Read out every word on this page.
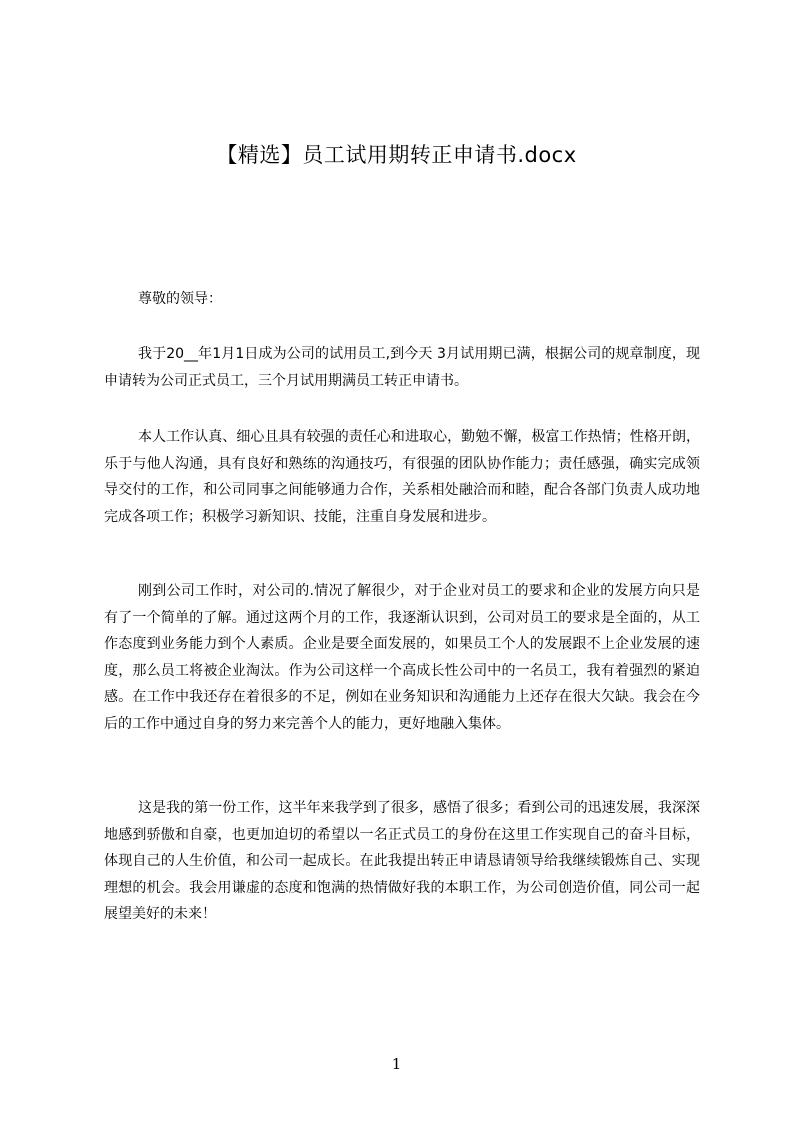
【精选】员工试用期转正申请书.docx
尊敬的领导：
我于20__年1月1日成为公司的试用员工,到今天 3月试用期已满，根据公司的规章制度，现申请转为公司正式员工，三个月试用期满员工转正申请书。
本人工作认真、细心且具有较强的责任心和进取心，勤勉不懈，极富工作热情；性格开朗，乐于与他人沟通，具有良好和熟练的沟通技巧，有很强的团队协作能力；责任感强，确实完成领导交付的工作，和公司同事之间能够通力合作，关系相处融洽而和睦，配合各部门负责人成功地完成各项工作；积极学习新知识、技能，注重自身发展和进步。
刚到公司工作时，对公司的.情况了解很少，对于企业对员工的要求和企业的发展方向只是有了一个简单的了解。通过这两个月的工作，我逐渐认识到，公司对员工的要求是全面的，从工作态度到业务能力到个人素质。企业是要全面发展的，如果员工个人的发展跟不上企业发展的速度，那么员工将被企业淘汰。作为公司这样一个高成长性公司中的一名员工，我有着强烈的紧迫感。在工作中我还存在着很多的不足，例如在业务知识和沟通能力上还存在很大欠缺。我会在今后的工作中通过自身的努力来完善个人的能力，更好地融入集体。
这是我的第一份工作，这半年来我学到了很多，感悟了很多；看到公司的迅速发展，我深深地感到骄傲和自豪，也更加迫切的希望以一名正式员工的身份在这里工作实现自己的奋斗目标，体现自己的人生价值，和公司一起成长。在此我提出转正申请恳请领导给我继续锻炼自己、实现理想的机会。我会用谦虚的态度和饱满的热情做好我的本职工作，为公司创造价值，同公司一起展望美好的未来！
1
